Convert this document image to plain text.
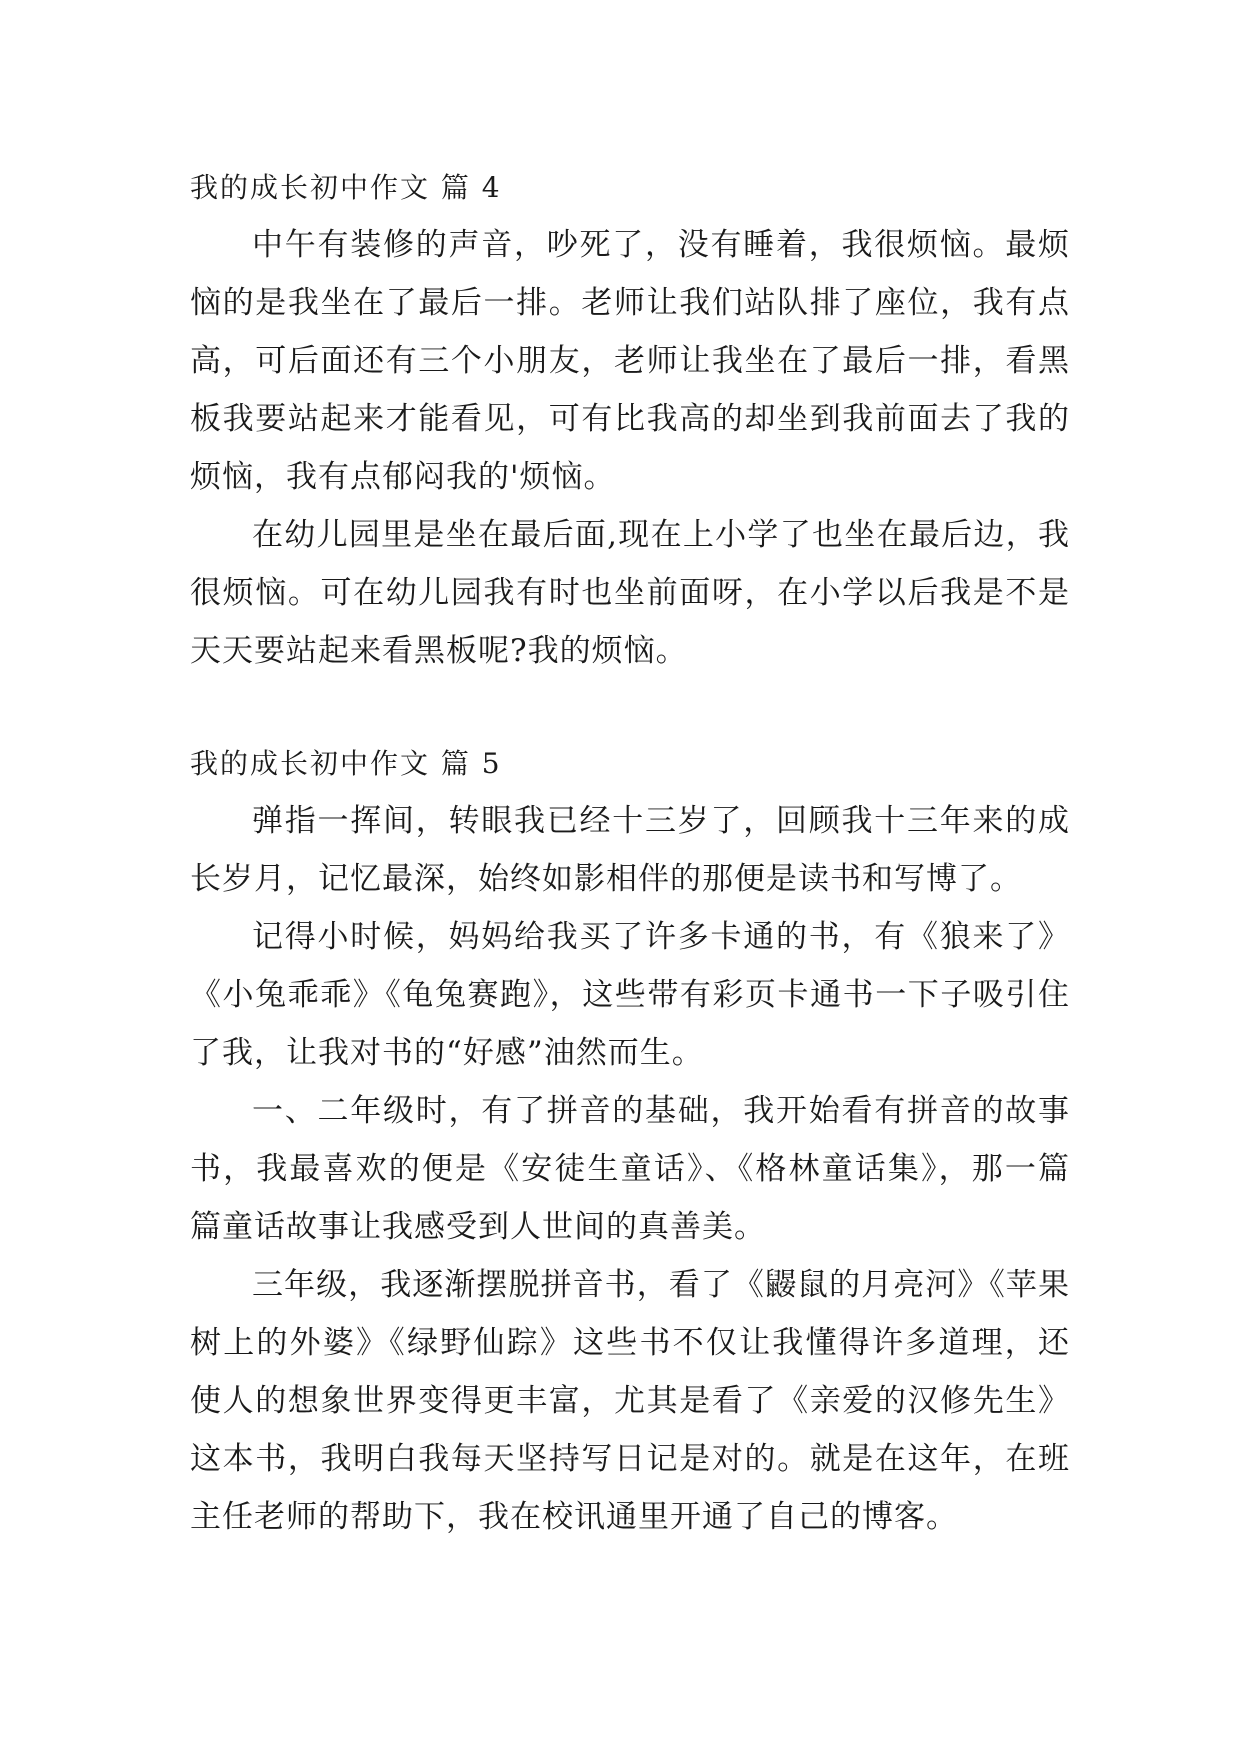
我的成长初中作文 篇 4

中午有装修的声音，吵死了，没有睡着，我很烦恼。最烦恼的是我坐在了最后一排。老师让我们站队排了座位，我有点高，可后面还有三个小朋友，老师让我坐在了最后一排，看黑板我要站起来才能看见，可有比我高的却坐到我前面去了我的烦恼，我有点郁闷我的'烦恼。

在幼儿园里是坐在最后面,现在上小学了也坐在最后边，我很烦恼。可在幼儿园我有时也坐前面呀，在小学以后我是不是天天要站起来看黑板呢?我的烦恼。

我的成长初中作文 篇 5

弹指一挥间，转眼我已经十三岁了，回顾我十三年来的成长岁月，记忆最深，始终如影相伴的那便是读书和写博了。

记得小时候，妈妈给我买了许多卡通的书，有《狼来了》《小兔乖乖》《龟兔赛跑》，这些带有彩页卡通书一下子吸引住了我，让我对书的“好感”油然而生。

一、二年级时，有了拼音的基础，我开始看有拼音的故事书，我最喜欢的便是《安徒生童话》、《格林童话集》，那一篇篇童话故事让我感受到人世间的真善美。

三年级，我逐渐摆脱拼音书，看了《鼹鼠的月亮河》《苹果树上的外婆》《绿野仙踪》这些书不仅让我懂得许多道理，还使人的想象世界变得更丰富，尤其是看了《亲爱的汉修先生》这本书，我明白我每天坚持写日记是对的。就是在这年，在班主任老师的帮助下，我在校讯通里开通了自己的博客。
